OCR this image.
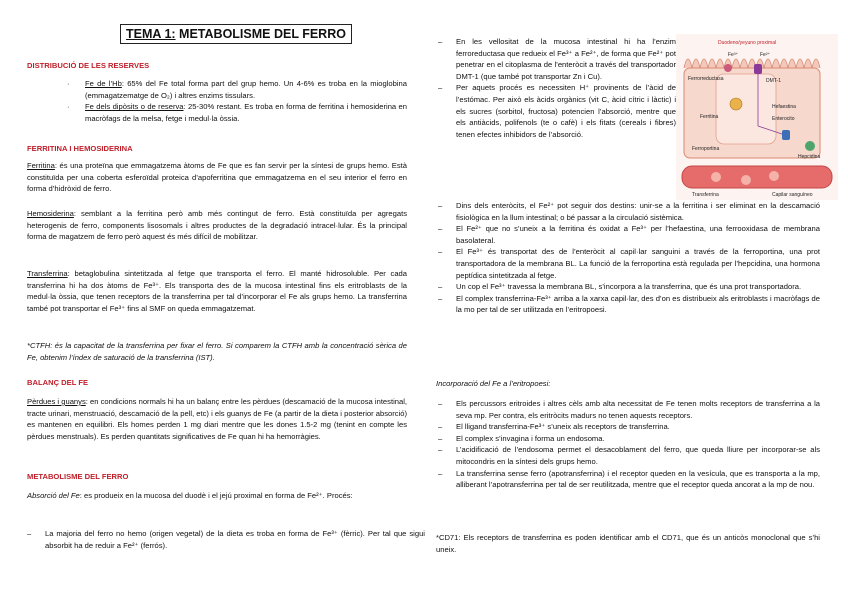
TEMA 1: METABOLISME DEL FERRO
DISTRIBUCIÓ DE LES RESERVES
· Fe de l’Hb: 65% del Fe total forma part del grup hemo. Un 4-6% es troba en la mioglobina (emmagatzematge de O₂) i altres enzims tissulars.
· Fe dels dipòsits o de reserva: 25-30% restant. Es troba en forma de ferritina i hemosiderina en macròfags de la melsa, fetge i medul·la òssia.
FERRITINA I HEMOSIDERINA
Ferritina: és una proteïna que emmagatzema àtoms de Fe que es fan servir per la síntesi de grups hemo. Està constituïda per una coberta esferoïdal proteica d’apoferritina que emmagatzema en el seu interior el ferro en forma d’hidròxid de ferro.
Hemosiderina: semblant a la ferritina però amb més contingut de ferro. Està constituïda per agregats heterogenis de ferro, components lisosomals i altres productes de la degradació intracel·lular. És la principal forma de magatzem de ferro però aquest és més difícil de mobilitzar.
Transferrina: betaglobulina sintetitzada al fetge que transporta el ferro. El manté hidrosoluble. Per cada transferrina hi ha dos àtoms de Fe³⁺. Els transporta des de la mucosa intestinal fins els eritroblasts de la medul·la òssia, que tenen receptors de la transferrina per tal d’incorporar el Fe als grups hemo. La transferrina també pot transportar el Fe³⁺ fins al SMF on queda emmagatzemat.
*CTFH: és la capacitat de la transferrina per fixar el ferro. Si comparem la CTFH amb la concentració sèrica de Fe, obtenim l’índex de saturació de la transferrina (IST).
BALANÇ DEL FE
Pèrdues i guanys: en condicions normals hi ha un balanç entre les pèrdues (descamació de la mucosa intestinal, tracte urinari, menstruació, descamació de la pell, etc) i els guanys de Fe (a partir de la dieta i posterior absorció) es mantenen en equilibri. Els homes perden 1 mg diari mentre que les dones 1.5-2 mg (tenint en compte les pèrdues menstruals). Es perden quantitats significatives de Fe quan hi ha hemorràgies.
METABOLISME DEL FERRO
Absorció del Fe: es produeix en la mucosa del duodè i el jejú proximal en forma de Fe²⁺. Procés:
– La majoria del ferro no hemo (origen vegetal) de la dieta es troba en forma de Fe³⁺ (fèrric). Per tal que sigui absorbit ha de reduir a Fe²⁺ (ferrós).
– En les vellositat de la mucosa intestinal hi ha l’enzim ferroreductasa que redueix el Fe³⁺ a Fe²⁺, de forma que Fe²⁺ pot penetrar en el citoplasma de l’enteròcit a través del transportador DMT-1 (que també pot transportar Zn i Cu).
– Per aquets procés es necessiten H⁺ provinents de l’àcid de l’estómac. Per això els àcids orgànics (vit C, àcid cítric i làctic) i els sucres (sorbitol, fructosa) potencien l’absorció, mentre que els antiàcids, polifenols (te o cafè) i els fitats (cereals i fibres) tenen efectes inhibidors de l’absorció.
– Dins dels enteròcits, el Fe²⁺ pot seguir dos destins: unir-se a la ferritina i ser eliminat en la descamació fisiològica en la llum intestinal; o bé passar a la circulació sistèmica.
– El Fe²⁺ que no s’uneix a la ferritina és oxidat a Fe³⁺ per l’hefaestina, una ferrooxidasa de membrana basolateral.
– El Fe³⁺ és transportat des de l’enteròcit al capil·lar sanguini a través de la ferroportina, una prot transportadora de la membrana BL. La funció de la ferroportina està regulada per l’hepcidina, una hormona peptídica sintetitzada al fetge.
– Un cop el Fe³⁺ travessa la membrana BL, s’incorpora a la transferrina, que és una prot transportadora.
– El complex transferrina-Fe³⁺ arriba a la xarxa capil·lar, des d’on es distribueix als eritroblasts i macròfags de la mo per tal de ser utilitzada en l’eritropoesi.
Incorporació del Fe a l’eritropoesi:
– Els percussors eritroides i altres cèls amb alta necessitat de Fe tenen molts receptors de transferrina a la seva mp. Per contra, els eritròcits madurs no tenen aquests receptors.
– El lligand transferrina-Fe³⁺ s’uneix als receptors de transferrina.
– El complex s’invagina i forma un endosoma.
– L’acidificació de l’endosoma permet el desacoblament del ferro, que queda lliure per incorporar-se als mitocondris en la síntesi dels grups hemo.
– La transferrina sense ferro (apotransferrina) i el receptor queden en la vesícula, que es transporta a la mp, alliberant l’apotransferrina per tal de ser reutilitzada, mentre que el receptor queda ancorat a la mp de nou.
*CD71: Els receptors de transferrina es poden identificar amb el CD71, que és un anticòs monoclonal que s’hi uneix.
Duodeno/yeyuno proximal
Fe³⁺	Fe²⁺
Ferrorreductasa	DMT-1
Ferritina
Hefaestina
Enterocito
Ferroportina
Hepcidina
Transferrina	Capilar sanguíneo
